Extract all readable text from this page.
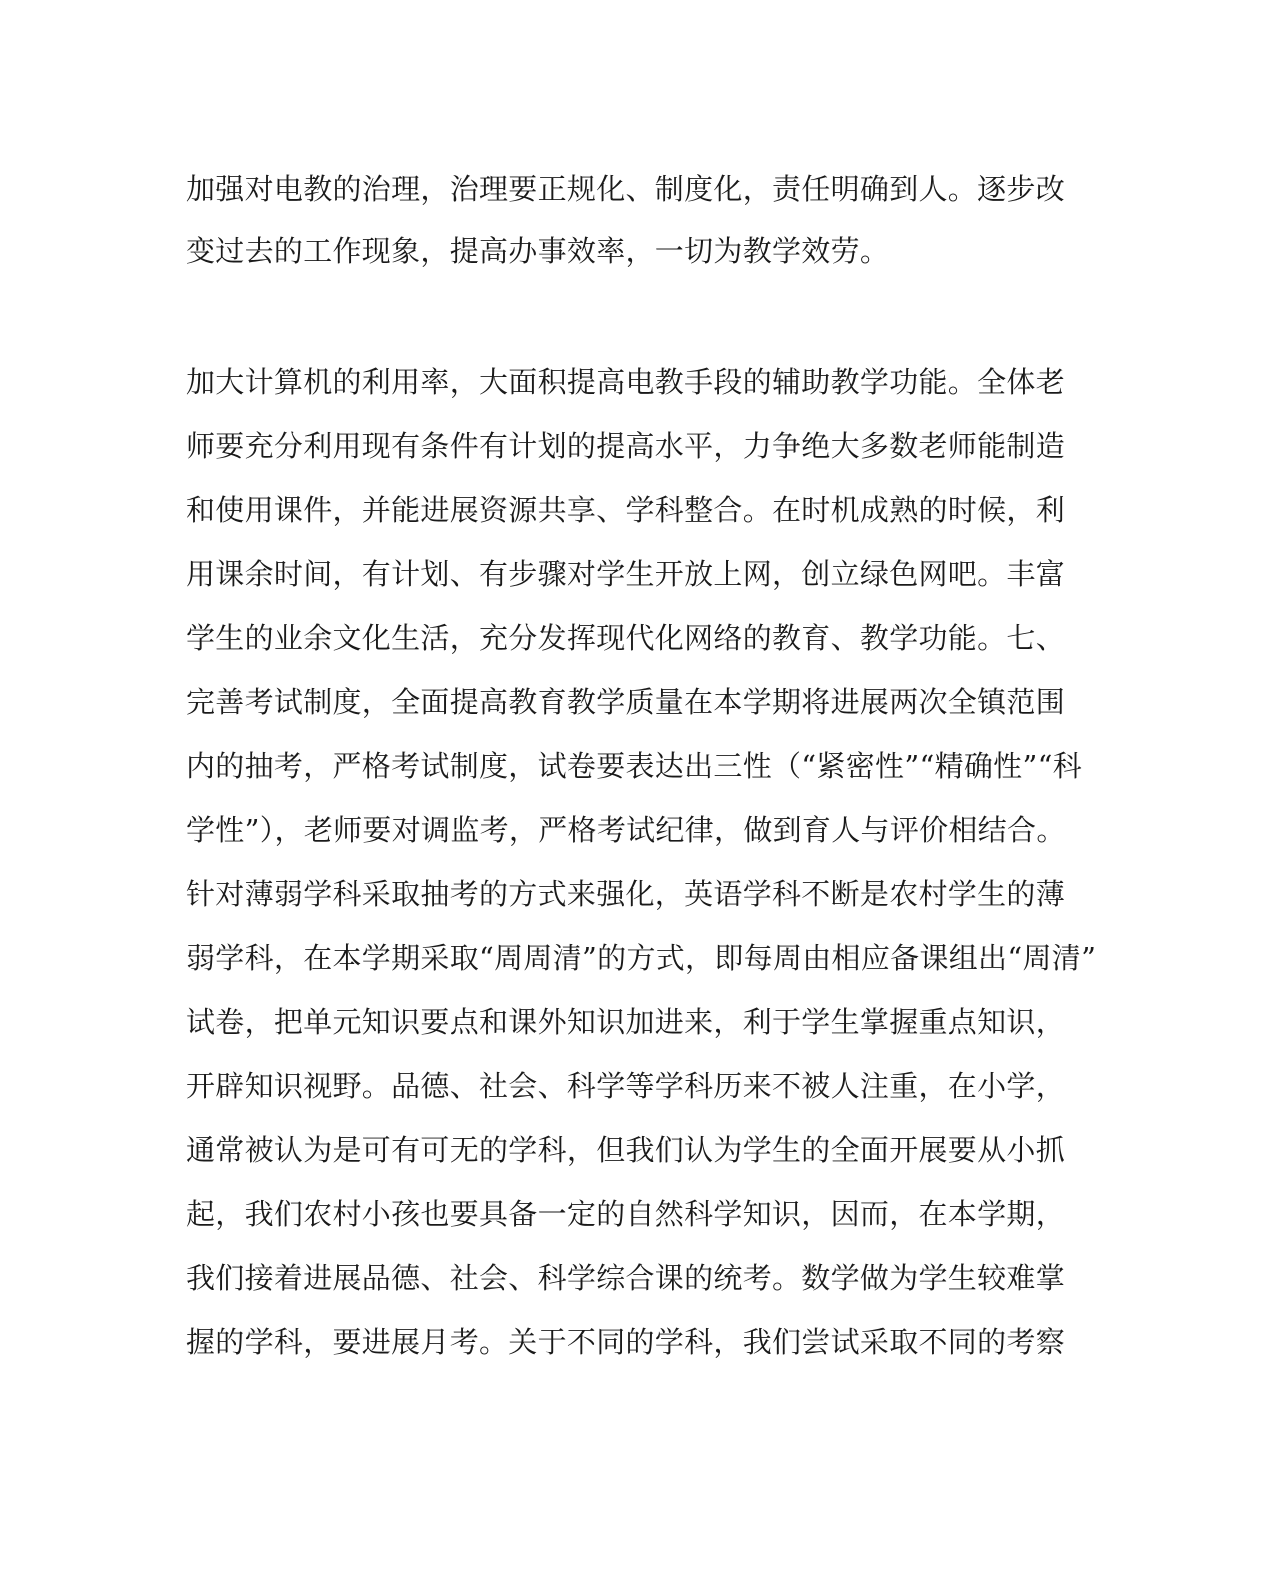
加强对电教的治理，治理要正规化、制度化，责任明确到人。逐步改
变过去的工作现象，提高办事效率，一切为教学效劳。
加大计算机的利用率，大面积提高电教手段的辅助教学功能。全体老
师要充分利用现有条件有计划的提高水平，力争绝大多数老师能制造
和使用课件，并能进展资源共享、学科整合。在时机成熟的时候，利
用课余时间，有计划、有步骤对学生开放上网，创立绿色网吧。丰富
学生的业余文化生活，充分发挥现代化网络的教育、教学功能。七、
完善考试制度，全面提高教育教学质量在本学期将进展两次全镇范围
内的抽考，严格考试制度，试卷要表达出三性（“紧密性”“精确性”“科
学性”），老师要对调监考，严格考试纪律，做到育人与评价相结合。
针对薄弱学科采取抽考的方式来强化，英语学科不断是农村学生的薄
弱学科，在本学期采取“周周清”的方式，即每周由相应备课组出“周清”
试卷，把单元知识要点和课外知识加进来，利于学生掌握重点知识，
开辟知识视野。品德、社会、科学等学科历来不被人注重，在小学，
通常被认为是可有可无的学科，但我们认为学生的全面开展要从小抓
起，我们农村小孩也要具备一定的自然科学知识，因而，在本学期，
我们接着进展品德、社会、科学综合课的统考。数学做为学生较难掌
握的学科，要进展月考。关于不同的学科，我们尝试采取不同的考察
